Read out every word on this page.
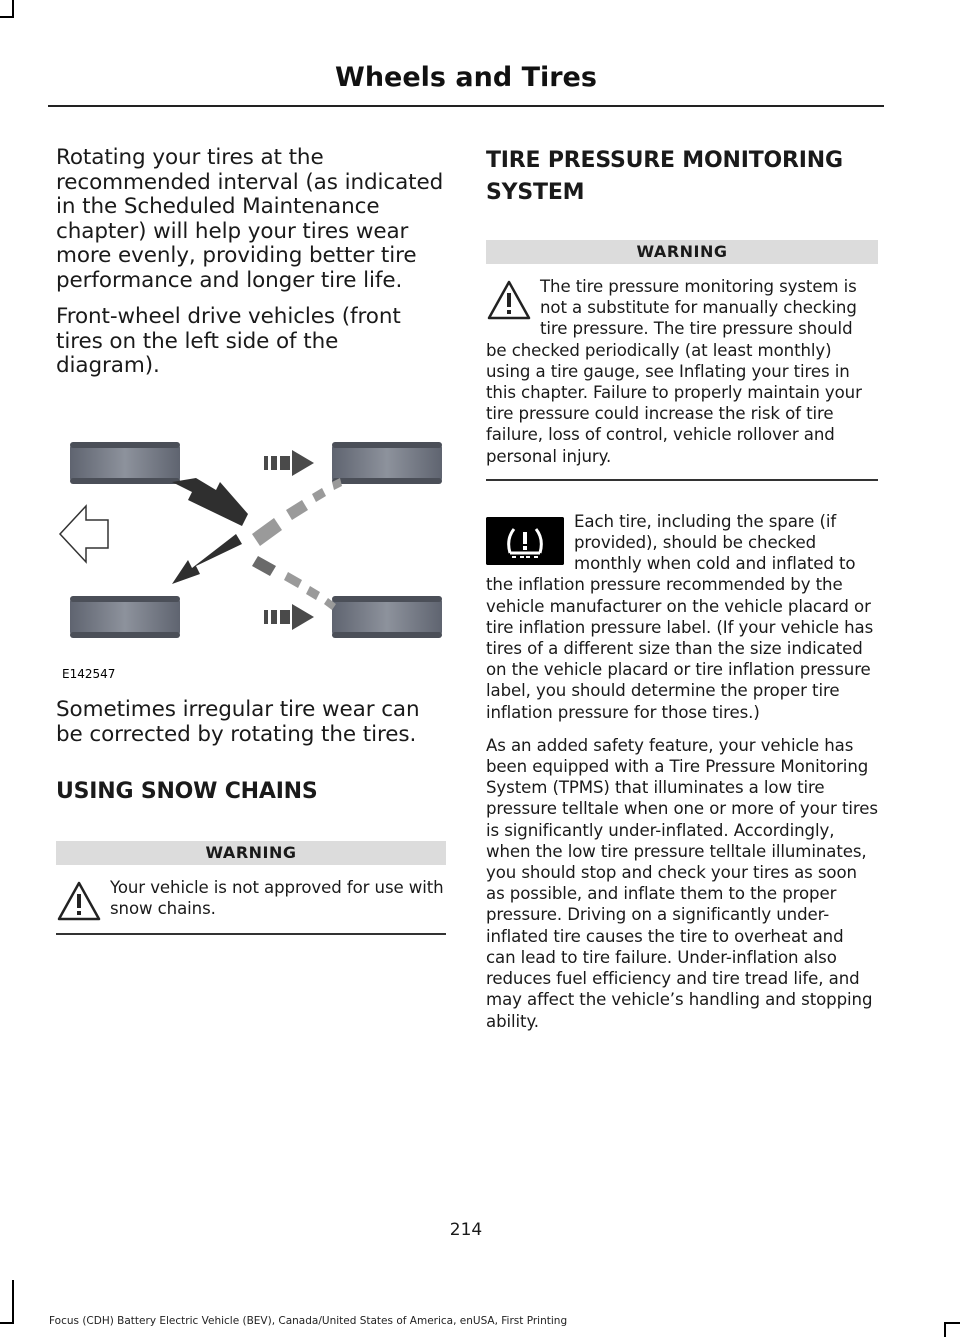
Wheels and Tires

Rotating your tires at the recommended interval (as indicated in the Scheduled Maintenance chapter) will help your tires wear more evenly, providing better tire performance and longer tire life.

Front-wheel drive vehicles (front tires on the left side of the diagram).

E142547

Sometimes irregular tire wear can be corrected by rotating the tires.

USING SNOW CHAINS
WARNING

Your vehicle is not approved for use with snow chains.

TIRE PRESSURE MONITORING
SYSTEM
WARNING

The tire pressure monitoring system is not a substitute for manually checking tire pressure. The tire pressure should be checked periodically (at least monthly) using a tire gauge, see Inflating your tires in this chapter. Failure to properly maintain your tire pressure could increase the risk of tire failure, loss of control, vehicle rollover and personal injury.

Each tire, including the spare (if provided), should be checked monthly when cold and inflated to the inflation pressure recommended by the vehicle manufacturer on the vehicle placard or tire inflation pressure label. (If your vehicle has tires of a different size than the size indicated on the vehicle placard or tire inflation pressure label, you should determine the proper tire inflation pressure for those tires.)

As an added safety feature, your vehicle has been equipped with a Tire Pressure Monitoring System (TPMS) that illuminates a low tire pressure telltale when one or more of your tires is significantly under-inflated. Accordingly, when the low tire pressure telltale illuminates, you should stop and check your tires as soon as possible, and inflate them to the proper pressure. Driving on a significantly under-inflated tire causes the tire to overheat and can lead to tire failure. Under-inflation also reduces fuel efficiency and tire tread life, and may affect the vehicle’s handling and stopping ability.

214
Focus (CDH) Battery Electric Vehicle (BEV), Canada/United States of America, enUSA, First Printing
